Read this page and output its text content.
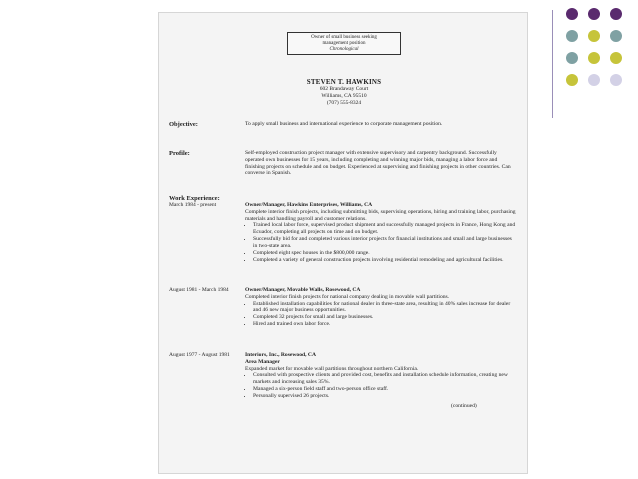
Owner of small business seeking
management position
Chronological
STEVEN T. HAWKINS
602 Brandaway Court
Williams, CA 95510
(707) 555-8324
Objective:	To apply small business and international experience to corporate management position.
Profile:	Self-employed construction project manager with extensive supervisory and carpentry background. Successfully operated own businesses for 15 years, including completing and winning major bids, managing a labor force and finishing projects on schedule and on budget. Experienced at supervising and finishing projects in other countries. Can converse in Spanish.
Work Experience:
March 1984 - present	Owner/Manager, Hawkins Enterprises, Williams, CA
Complete interior finish projects, including submitting bids, supervising operations, hiring and training labor, purchasing materials and handling payroll and customer relations.
• Trained local labor force, supervised product shipment and successfully managed projects in France, Hong Kong and Ecuador, completing all projects on time and on budget.
• Successfully bid for and completed various interior projects for financial institutions and small and large businesses in two-state area.
• Completed eight spec houses in the $800,000 range.
• Completed a variety of general construction projects involving residential remodeling and agricultural facilities.
August 1981 - March 1984	Owner/Manager, Movable Walls, Rosewood, CA
Completed interior finish projects for national company dealing in movable wall partitions.
• Established installation capabilities for national dealer in three-state area, resulting in 40% sales increase for dealer and 46 new major business opportunities.
• Completed 32 projects for small and large businesses.
• Hired and trained own labor force.
August 1977 - August 1981	Interiors, Inc., Rosewood, CA
Area Manager
Expanded market for movable wall partitions throughout northern California.
• Consulted with prospective clients and provided cost, benefits and installation schedule information, creating new markets and increasing sales 35%.
• Managed a six-person field staff and two-person office staff.
• Personally supervised 26 projects.
(continued)
